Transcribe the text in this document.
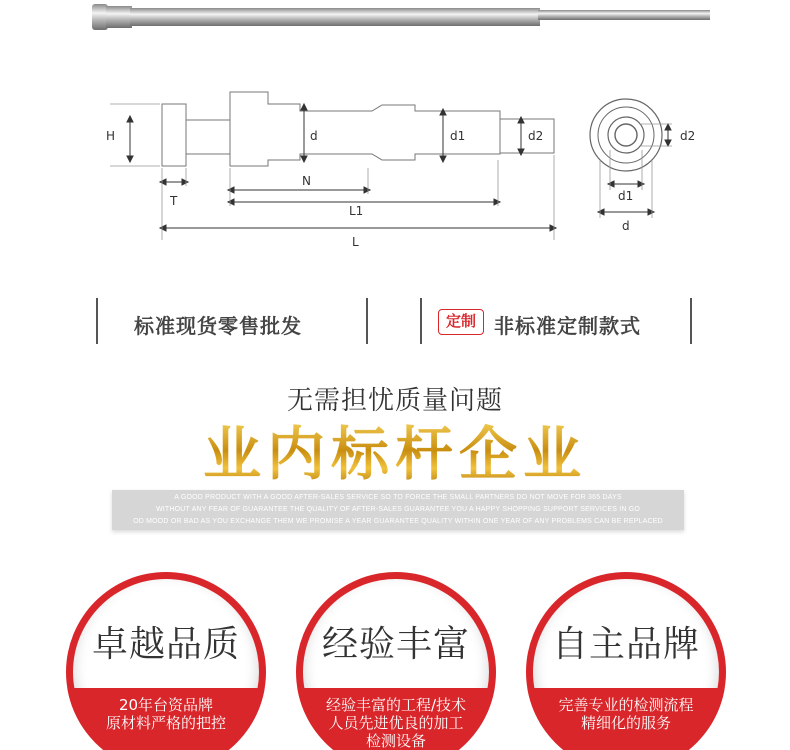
H	d	d1	d2
T
N
L1
L
d2
d1
d
标准现货零售批发	定制 非标准定制款式
无需担忧质量问题
业内标杆企业
A GOOD PRODUCT WITH A GOOD AFTER-SALES SERVICE SO TO FORCE THE SMALL PARTNERS DO NOT MOVE FOR 365 DAYS
WITHOUT ANY FEAR OF GUARANTEE THE QUALITY OF AFTER-SALES GUARANTEE YOU A HAPPY SHOPPING SUPPORT SERVICES IN GO
OD MOOD OR BAD AS YOU EXCHANGE THEM WE PROMISE A YEAR GUARANTEE QUALITY WITHIN ONE YEAR OF ANY PROBLEMS CAN BE REPLACED
卓越品质
20年台资品牌
原材料严格的把控
经验丰富
经验丰富的工程/技术
人员先进优良的加工
检测设备
自主品牌
完善专业的检测流程
精细化的服务
